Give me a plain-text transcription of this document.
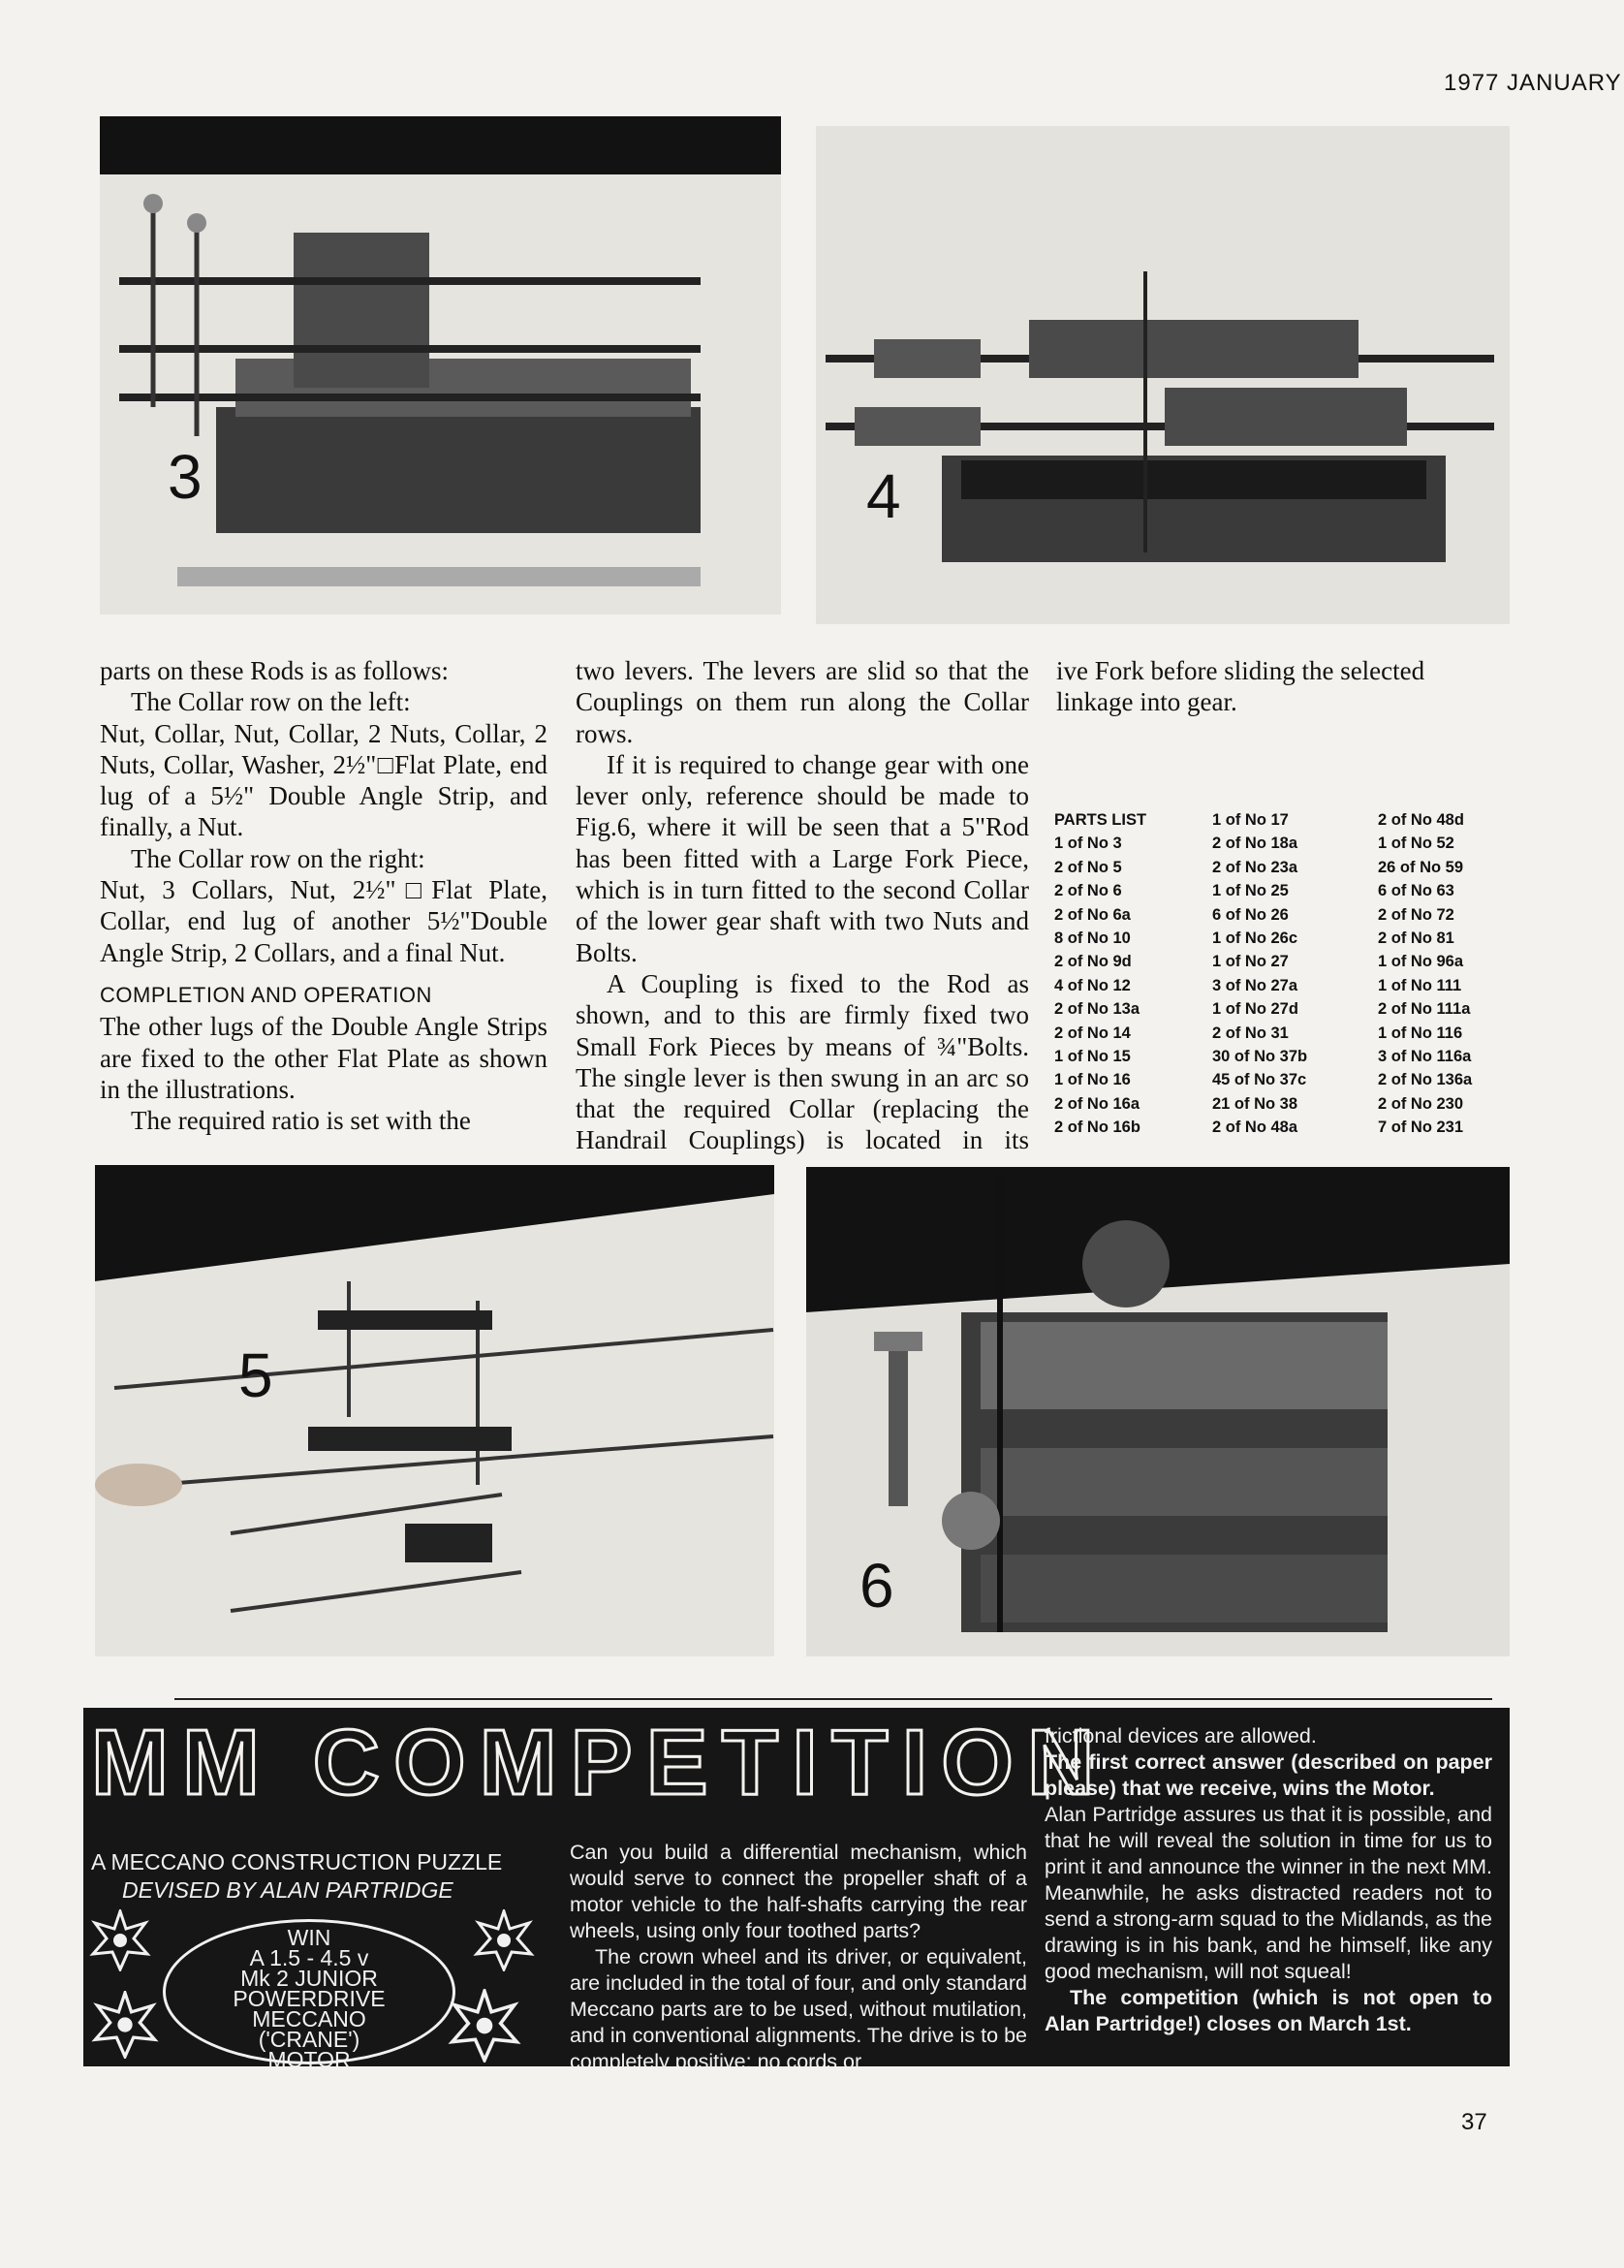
1977 JANUARY
3	4

parts on these Rods is as follows:

The Collar row on the left:

Nut, Collar, Nut, Collar, 2 Nuts, Collar, 2 Nuts, Collar, Washer, 2½"□Flat Plate, end lug of a 5½" Double Angle Strip, and finally, a Nut.

The Collar row on the right:

Nut, 3 Collars, Nut, 2½"□Flat Plate, Collar, end lug of another 5½"Double Angle Strip, 2 Collars, and a final Nut.

COMPLETION AND OPERATION

The other lugs of the Double Angle Strips are fixed to the other Flat Plate as shown in the illustrations.

The required ratio is set with the

two levers. The levers are slid so that the Couplings on them run along the Collar rows.

If it is required to change gear with one lever only, reference should be made to Fig.6, where it will be seen that a 5"Rod has been fitted with a Large Fork Piece, which is in turn fitted to the second Collar of the lower gear shaft with two Nuts and Bolts.

A Coupling is fixed to the Rod as shown, and to this are firmly fixed two Small Fork Pieces by means of ¾"Bolts. The single lever is then swung in an arc so that the required Collar (replacing the Handrail Couplings) is located in its

ive Fork before sliding the selected linkage into gear.

PARTS LIST
1 of No 3
2 of No 5
2 of No 6
2 of No 6a
8 of No 10
2 of No 9d
4 of No 12
2 of No 13a
2 of No 14
1 of No 15
1 of No 16
2 of No 16a
2 of No 16b
1 of No 17
2 of No 18a
2 of No 23a
1 of No 25
6 of No 26
1 of No 26c
1 of No 27
3 of No 27a
1 of No 27d
2 of No 31
30 of No 37b
45 of No 37c
21 of No 38
2 of No 48a
2 of No 48d
1 of No 52
26 of No 59
6 of No 63
2 of No 72
2 of No 81
1 of No 96a
1 of No 111
2 of No 111a
1 of No 116
3 of No 116a
2 of No 136a
2 of No 230
7 of No 231
5
6
MM COMPETITION
A MECCANO CONSTRUCTION PUZZLE
DEVISED BY ALAN PARTRIDGE
WIN
A 1.5 - 4.5 v
Mk 2 JUNIOR
POWERDRIVE
MECCANO
('CRANE')
MOTOR

Can you build a differential mechanism, which would serve to connect the propeller shaft of a motor vehicle to the half-shafts carrying the rear wheels, using only four toothed parts?

The crown wheel and its driver, or equivalent, are included in the total of four, and only standard Meccano parts are to be used, without mutilation, and in conventional alignments. The drive is to be completely positive: no cords or

frictional devices are allowed.

The first correct answer (described on paper please) that we receive, wins the Motor.

Alan Partridge assures us that it is possible, and that he will reveal the solution in time for us to print it and announce the winner in the next MM. Meanwhile, he asks distracted readers not to send a strong-arm squad to the Midlands, as the drawing is in his bank, and he himself, like any good mechanism, will not squeal!

The competition (which is not open to Alan Partridge!) closes on March 1st.

37
